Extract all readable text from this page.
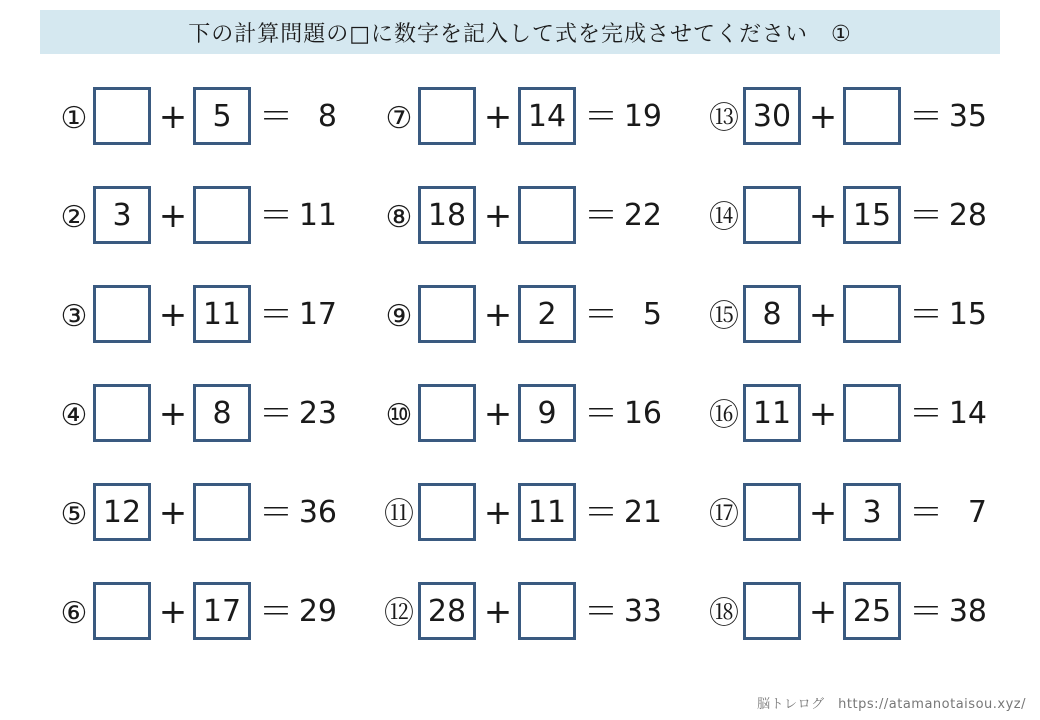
下の計算問題の□に数字を記入して式を完成させてください　①
① + 5 ＝ 8
② 3 + ＝ 11
③ + 11 ＝ 17
④ + 8 ＝ 23
⑤ 12 + ＝ 36
⑥ + 17 ＝ 29
⑦ + 14 ＝ 19
⑧ 18 + ＝ 22
⑨ + 2 ＝ 5
⑩ + 9 ＝ 16
⑪ + 11 ＝ 21
⑫ 28 + ＝ 33
⑬ 30 + ＝ 35
⑭ + 15 ＝ 28
⑮ 8 + ＝ 15
⑯ 11 + ＝ 14
⑰ + 3 ＝ 7
⑱ + 25 ＝ 38
脳トレログ　https://atamanotaisou.xyz/
